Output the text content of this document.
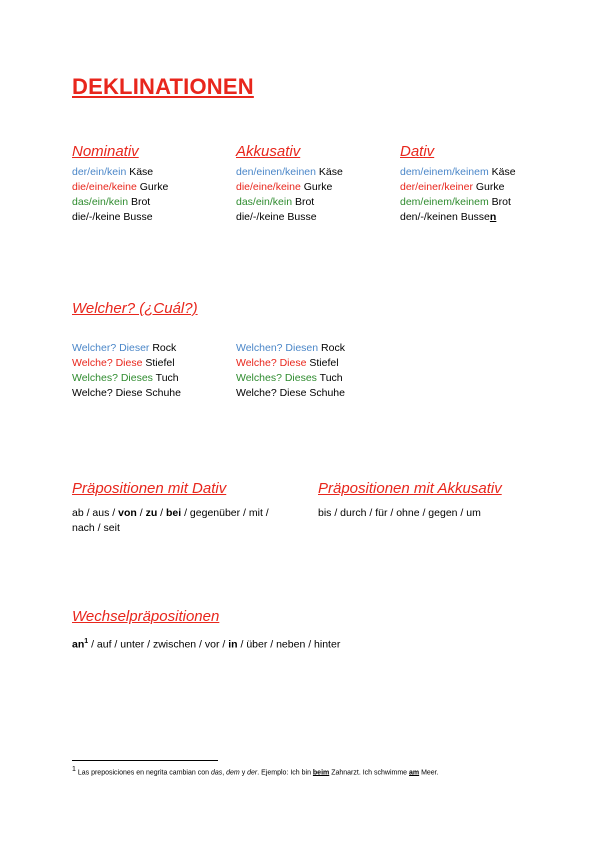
DEKLINATIONEN
Nominativ
der/ein/kein Käse
die/eine/keine Gurke
das/ein/kein Brot
die/-/keine Busse
Akkusativ
den/einen/keinen Käse
die/eine/keine Gurke
das/ein/kein Brot
die/-/keine Busse
Dativ
dem/einem/keinem Käse
der/einer/keiner Gurke
dem/einem/keinem Brot
den/-/keinen Bussen
Welcher? (¿Cuál?)
Welcher? Dieser Rock
Welche? Diese Stiefel
Welches? Dieses Tuch
Welche? Diese Schuhe
Welchen? Diesen Rock
Welche? Diese Stiefel
Welches? Dieses Tuch
Welche? Diese Schuhe
Präpositionen mit Dativ
ab / aus / von / zu / bei / gegenüber / mit /
nach / seit
Präpositionen mit Akkusativ
bis / durch / für / ohne / gegen / um
Wechselpräpositionen
$an^1$ / auf / unter / zwischen / vor / in / über / neben / hinter
$^1$ Las preposiciones en negrita cambian con das, dem y der. Ejemplo: Ich bin beim Zahnarzt. Ich schwimme am Meer.
